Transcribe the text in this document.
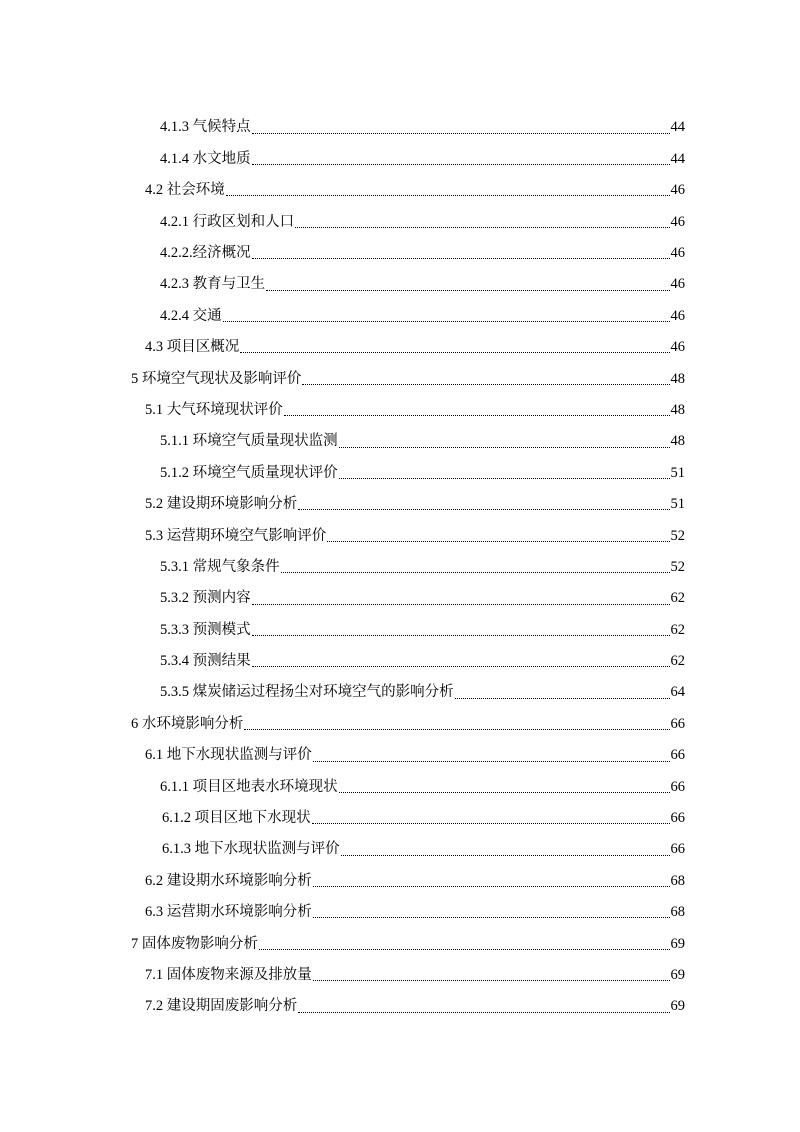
4.1.3 气候特点	44
4.1.4 水文地质	44
4.2 社会环境	46
4.2.1 行政区划和人口	46
4.2.2.经济概况	46
4.2.3 教育与卫生	46
4.2.4 交通	46
4.3 项目区概况	46
5 环境空气现状及影响评价	48
5.1 大气环境现状评价	48
5.1.1 环境空气质量现状监测	48
5.1.2 环境空气质量现状评价	51
5.2 建设期环境影响分析	51
5.3 运营期环境空气影响评价	52
5.3.1 常规气象条件	52
5.3.2 预测内容	62
5.3.3 预测模式	62
5.3.4 预测结果	62
5.3.5 煤炭储运过程扬尘对环境空气的影响分析	64
6 水环境影响分析	66
6.1 地下水现状监测与评价	66
6.1.1 项目区地表水环境现状	66
6.1.2 项目区地下水现状	66
6.1.3 地下水现状监测与评价	66
6.2 建设期水环境影响分析	68
6.3 运营期水环境影响分析	68
7 固体废物影响分析	69
7.1 固体废物来源及排放量	69
7.2 建设期固废影响分析	69
